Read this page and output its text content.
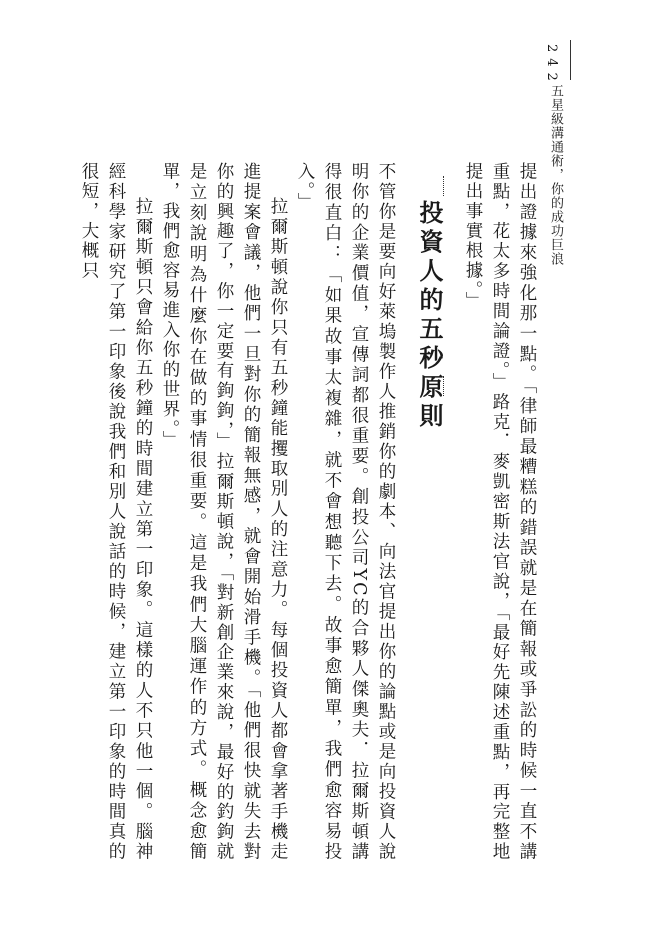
242
五星級溝通術，你的成功巨浪

提出證據來強化那一點。「律師最糟糕的錯誤就是在簡報或爭訟的時候一直不講重點，花太多時間論證。」路克．麥凱密斯法官說，「最好先陳述重點，再完整地提出事實根據。」

投資人的五秒原則

不管你是要向好萊塢製作人推銷你的劇本、向法官提出你的論點或是向投資人說明你的企業價值，宣傳詞都很重要。創投公司YC的合夥人傑奧夫．拉爾斯頓講得很直白：「如果故事太複雜，就不會想聽下去。故事愈簡單，我們愈容易投入。」

拉爾斯頓說你只有五秒鐘能攫取別人的注意力。每個投資人都會拿著手機走進提案會議，他們一旦對你的簡報無感，就會開始滑手機。「他們很快就失去對你的興趣了，你一定要有鉤鉤，」拉爾斯頓說，「對新創企業來說，最好的釣鉤就是立刻說明為什麼你在做的事情很重要。這是我們大腦運作的方式。概念愈簡單，我們愈容易進入你的世界。」

拉爾斯頓只會給你五秒鐘的時間建立第一印象。這樣的人不只他一個。腦神經科學家研究了第一印象後說我們和別人說話的時候，建立第一印象的時間真的很短，大概只
